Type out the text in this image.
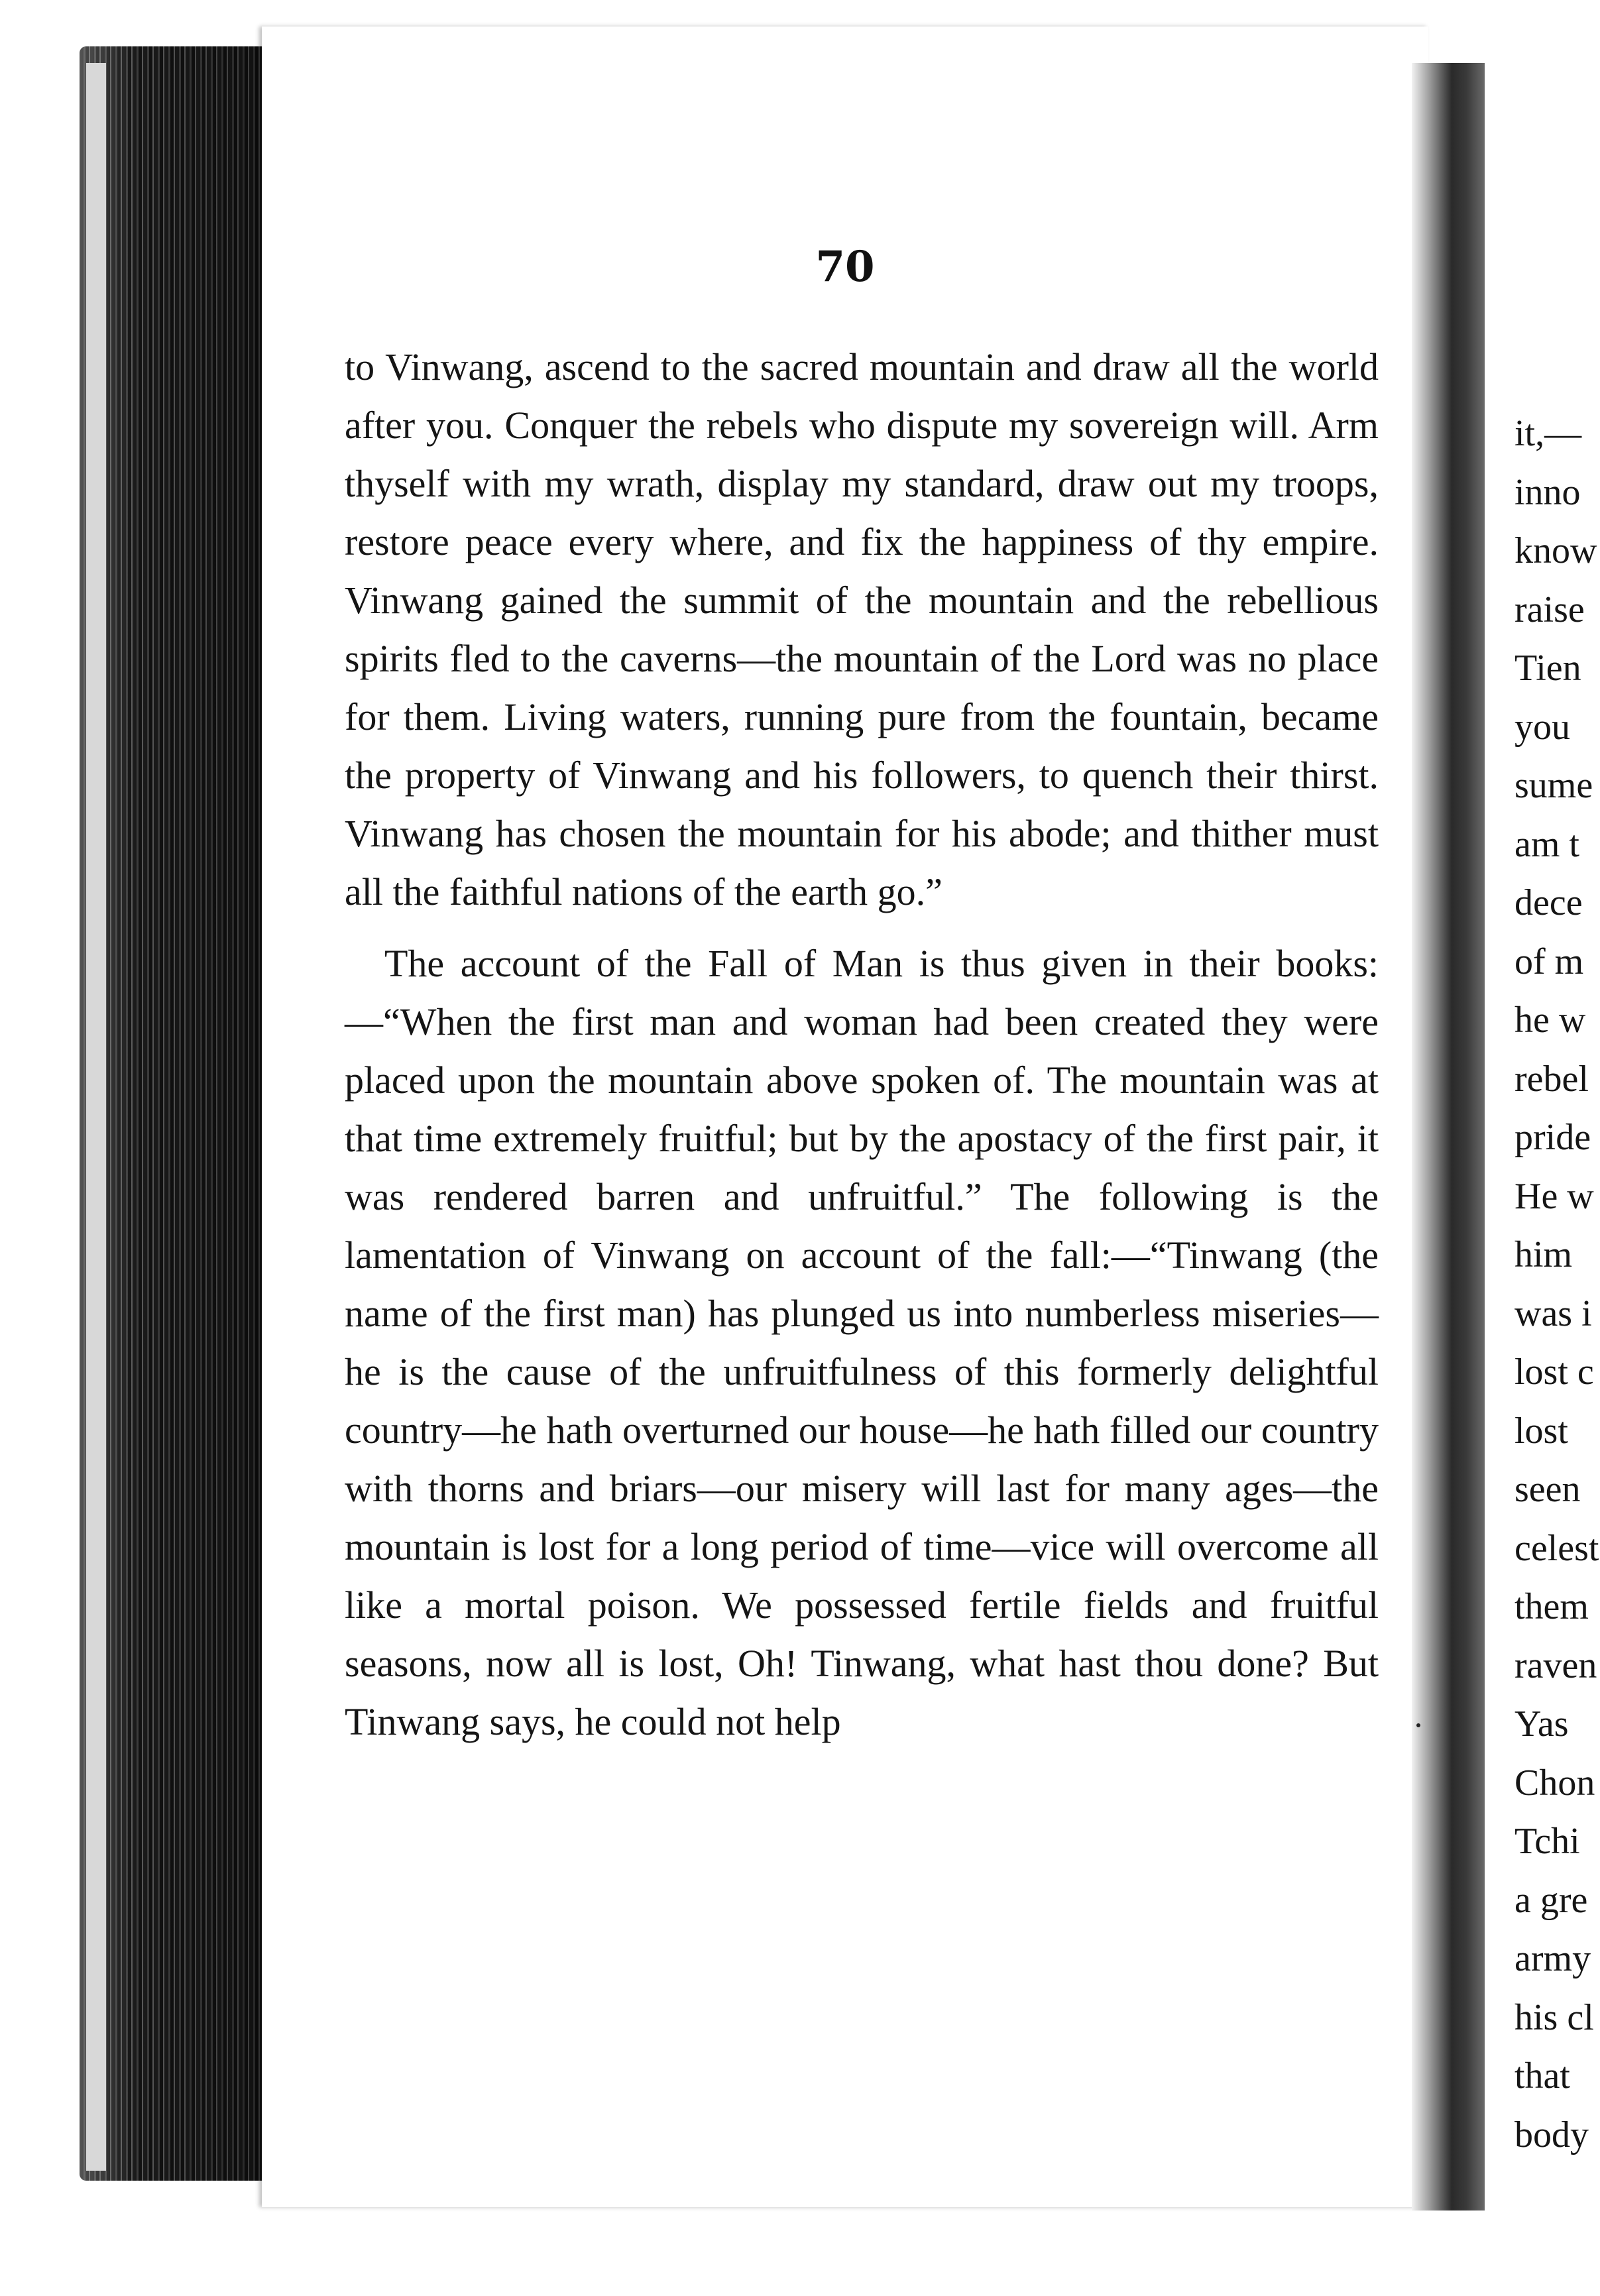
70

to Vinwang, ascend to the sacred mountain and draw all the world after you. Conquer the rebels who dispute my sovereign will. Arm thyself with my wrath, display my standard, draw out my troops, restore peace every where, and fix the happiness of thy empire. Vinwang gained the summit of the mountain and the rebellious spirits fled to the caverns—the mountain of the Lord was no place for them. Living waters, running pure from the fountain, became the property of Vinwang and his followers, to quench their thirst. Vinwang has chosen the mountain for his abode; and thither must all the faithful nations of the earth go.”

The account of the Fall of Man is thus given in their books:—“When the first man and woman had been created they were placed upon the mountain above spoken of. The mountain was at that time extremely fruitful; but by the apostacy of the first pair, it was rendered barren and unfruitful.” The following is the lamentation of Vinwang on account of the fall:—“Tinwang (the name of the first man) has plunged us into numberless miseries—he is the cause of the unfruitfulness of this formerly delightful country—he hath overturned our house—he hath filled our country with thorns and briars—our misery will last for many ages—the mountain is lost for a long period of time—vice will overcome all like a mortal poison. We possessed fertile fields and fruitful seasons, now all is lost, Oh! Tinwang, what hast thou done? But Tinwang says, he could not help

it,—
inno
know
raise
Tien
you
sume
am t
dece
of m
he w
rebel
pride
He w
him
was i
lost c
lost
seen
celest
them
raven
Yas
Chon
Tchi
a gre
army
his cl
that
body
